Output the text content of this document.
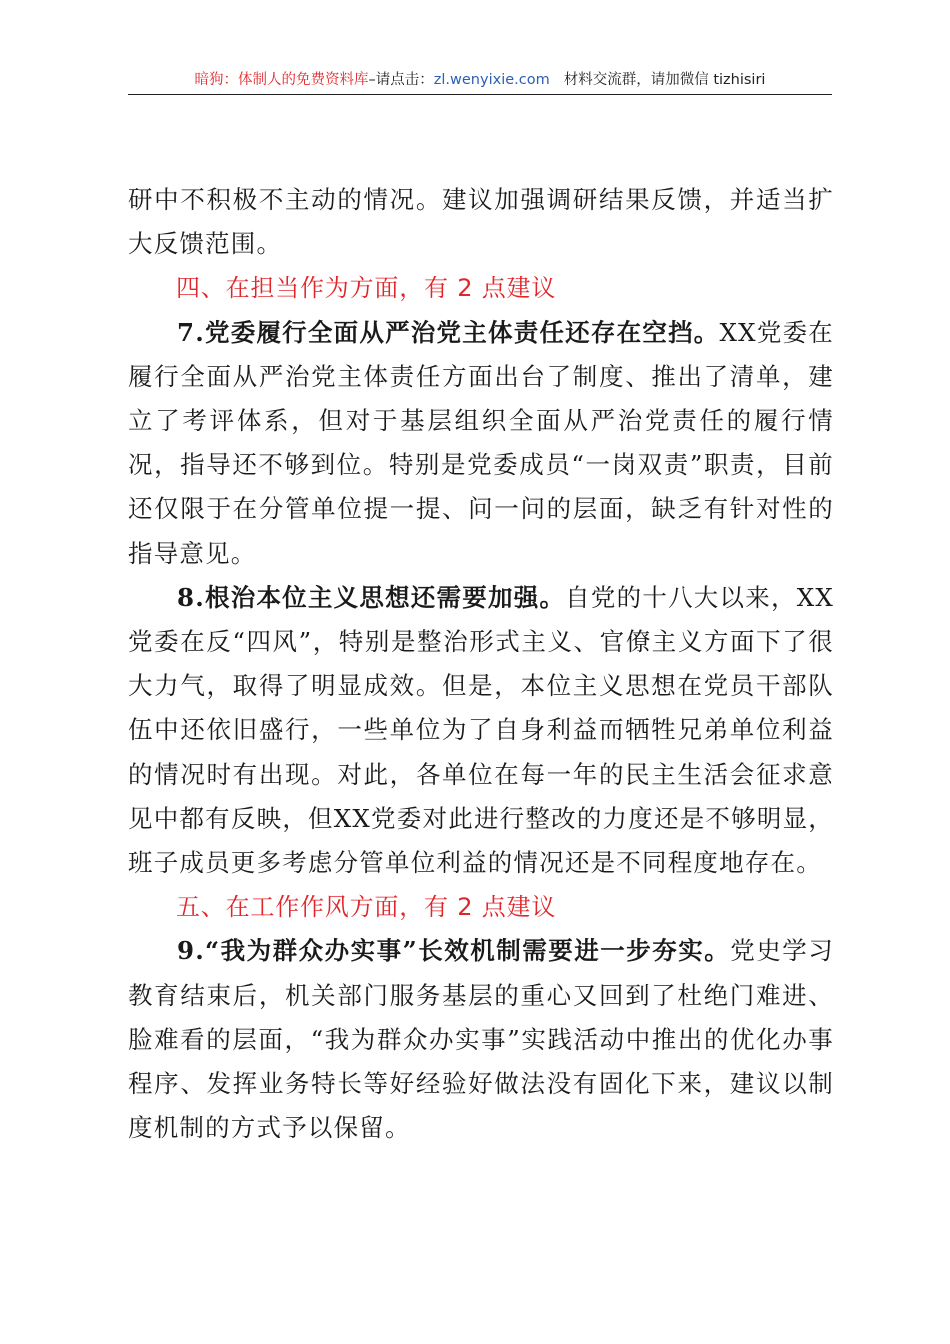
暗狗：体制人的免费资料库–请点击：zl.wenyixie.com 材料交流群，请加微信 tizhisiri

研中不积极不主动的情况。建议加强调研结果反馈，并适当扩大反馈范围。

四、在担当作为方面，有 2 点建议

7.党委履行全面从严治党主体责任还存在空挡。XX党委在履行全面从严治党主体责任方面出台了制度、推出了清单，建立了考评体系，但对于基层组织全面从严治党责任的履行情况，指导还不够到位。特别是党委成员“一岗双责”职责，目前还仅限于在分管单位提一提、问一问的层面，缺乏有针对性的指导意见。

8.根治本位主义思想还需要加强。自党的十八大以来，XX党委在反“四风”，特别是整治形式主义、官僚主义方面下了很大力气，取得了明显成效。但是，本位主义思想在党员干部队伍中还依旧盛行，一些单位为了自身利益而牺牲兄弟单位利益的情况时有出现。对此，各单位在每一年的民主生活会征求意见中都有反映，但XX党委对此进行整改的力度还是不够明显，班子成员更多考虑分管单位利益的情况还是不同程度地存在。

五、在工作作风方面，有 2 点建议

9.“我为群众办实事”长效机制需要进一步夯实。党史学习教育结束后，机关部门服务基层的重心又回到了杜绝门难进、脸难看的层面，“我为群众办实事”实践活动中推出的优化办事程序、发挥业务特长等好经验好做法没有固化下来，建议以制度机制的方式予以保留。
